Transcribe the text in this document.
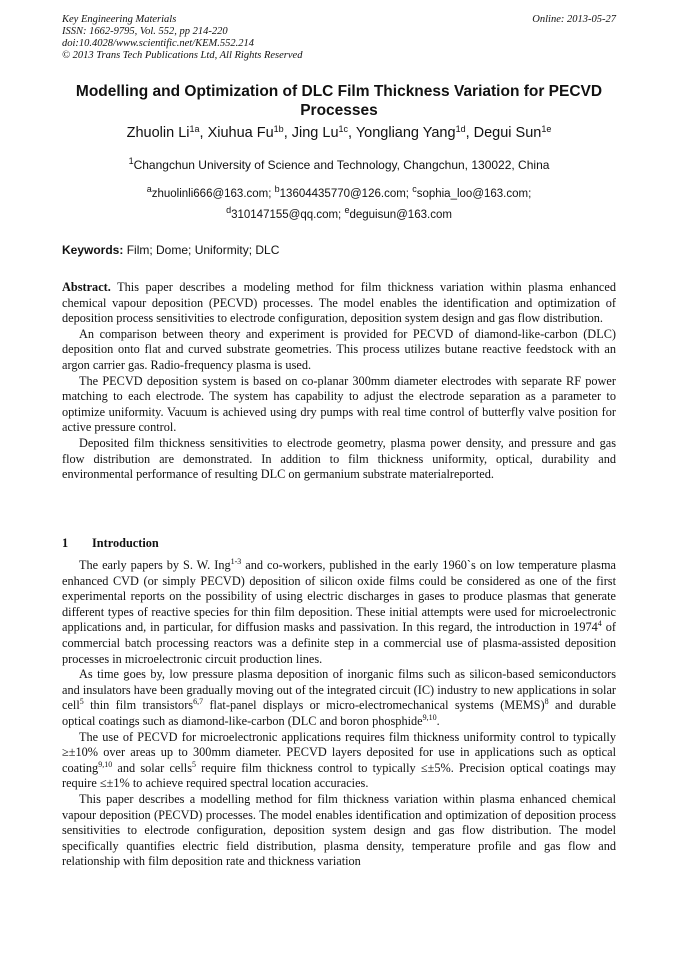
Key Engineering Materials
ISSN: 1662-9795, Vol. 552, pp 214-220
doi:10.4028/www.scientific.net/KEM.552.214
© 2013 Trans Tech Publications Ltd, All Rights Reserved
Online: 2013-05-27
Modelling and Optimization of DLC Film Thickness Variation for PECVD Processes
Zhuolin $Li^{1a}$, Xiuhua $Fu^{1b}$, Jing $Lu^{1c}$, Yongliang Yang$^{1d}$, Degui Sun$^{1e}$
$^1$Changchun University of Science and Technology, Changchun, 130022, China
$^a$zhuolinli666@163.com; $^b$13604435770@126.com; $^c$sophia_loo@163.com;
$^d$310147155@qq.com; $^e$deguisun@163.com
Keywords: Film; Dome; Uniformity; DLC

Abstract. This paper describes a modeling method for film thickness variation within plasma enhanced chemical vapour deposition (PECVD) processes. The model enables the identification and optimization of deposition process sensitivities to electrode configuration, deposition system design and gas flow distribution.

An comparison between theory and experiment is provided for PECVD of diamond-like-carbon (DLC) deposition onto flat and curved substrate geometries. This process utilizes butane reactive feedstock with an argon carrier gas. Radio-frequency plasma is used.

The PECVD deposition system is based on co-planar 300mm diameter electrodes with separate RF power matching to each electrode. The system has capability to adjust the electrode separation as a parameter to optimize uniformity. Vacuum is achieved using dry pumps with real time control of butterfly valve position for active pressure control.

Deposited film thickness sensitivities to electrode geometry, plasma power density, and pressure and gas flow distribution are demonstrated. In addition to film thickness uniformity, optical, durability and environmental performance of resulting DLC on germanium substrate materialreported.

1 Introduction

The early papers by S. W. Ing$^{1-3}$ and co-workers, published in the early 1960`s on low temperature plasma enhanced CVD (or simply PECVD) deposition of silicon oxide films could be considered as one of the first experimental reports on the possibility of using electric discharges in gases to produce plasmas that generate different types of reactive species for thin film deposition. These initial attempts were used for microelectronic applications and, in particular, for diffusion masks and passivation. In this regard, the introduction in 1974$^4$ of commercial batch processing reactors was a definite step in a commercial use of plasma-assisted deposition processes in microelectronic circuit production lines.

As time goes by, low pressure plasma deposition of inorganic films such as silicon-based semiconductors and insulators have been gradually moving out of the integrated circuit (IC) industry to new applications in solar cell$^5$ thin film transistors$^{6,7}$ flat-panel displays or micro-electromechanical systems (MEMS)$^8$ and durable optical coatings such as diamond-like-carbon (DLC and boron phosphide$^{9,10}$.

The use of PECVD for microelectronic applications requires film thickness uniformity control to typically ≥±10% over areas up to 300mm diameter. PECVD layers deposited for use in applications such as optical coating$^{9,10}$ and solar cells$^5$ require film thickness control to typically ≤±5%. Precision optical coatings may require ≤±1% to achieve required spectral location accuracies.

This paper describes a modelling method for film thickness variation within plasma enhanced chemical vapour deposition (PECVD) processes. The model enables identification and optimization of deposition process sensitivities to electrode configuration, deposition system design and gas flow distribution. The model specifically quantifies electric field distribution, plasma density, temperature profile and gas flow and relationship with film deposition rate and thickness variation
